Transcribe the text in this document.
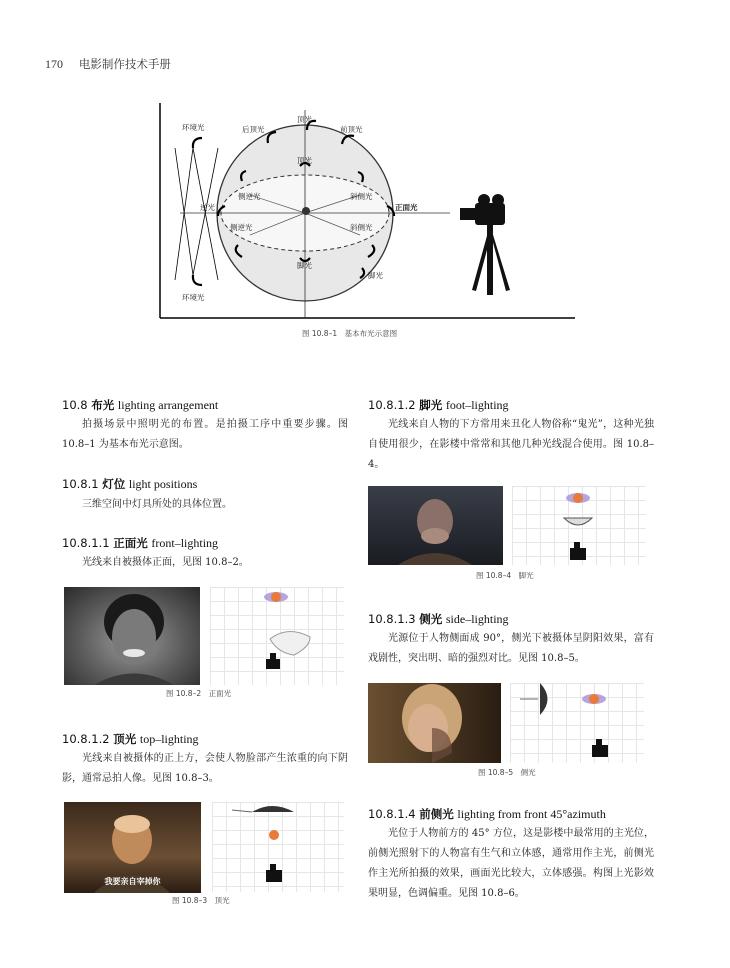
170 电影制作技术手册
环境光
环境光
后顶光
顶光
前顶光
顶光
侧逆光	斜侧光
逆光	正面光
侧逆光	斜侧光
脚光
脚光
图 10.8–1　基本布光示意图
10.8 布光 lighting arrangement

拍摄场景中照明光的布置。是拍摄工序中重要步骤。图10.8–1 为基本布光示意图。

10.8.1 灯位 light positions

三维空间中灯具所处的具体位置。

10.8.1.1 正面光 front–lighting

光线来自被摄体正面，见图 10.8–2。

图 10.8–2　正面光
10.8.1.2 顶光 top–lighting

光线来自被摄体的正上方，会使人物脸部产生浓重的向下阴影，通常忌拍人像。见图 10.8–3。

我要亲自宰掉你
图 10.8–3　顶光
10.8.1.2 脚光 foot–lighting

光线来自人物的下方常用来丑化人物俗称“鬼光”，这种光独自使用很少，在影楼中常常和其他几种光线混合使用。图 10.8–4。

图 10.8–4　脚光
10.8.1.3 侧光 side–lighting

光源位于人物侧面成 90°，侧光下被摄体呈阴阳效果，富有戏剧性，突出明、暗的强烈对比。见图 10.8–5。

图 10.8–5　侧光
10.8.1.4 前侧光 lighting from front 45°azimuth

光位于人物前方的 45° 方位，这是影楼中最常用的主光位，前侧光照射下的人物富有生气和立体感，通常用作主光，前侧光作主光所拍摄的效果，画面光比较大，立体感强。构图上光影效果明显，色调偏重。见图 10.8–6。
